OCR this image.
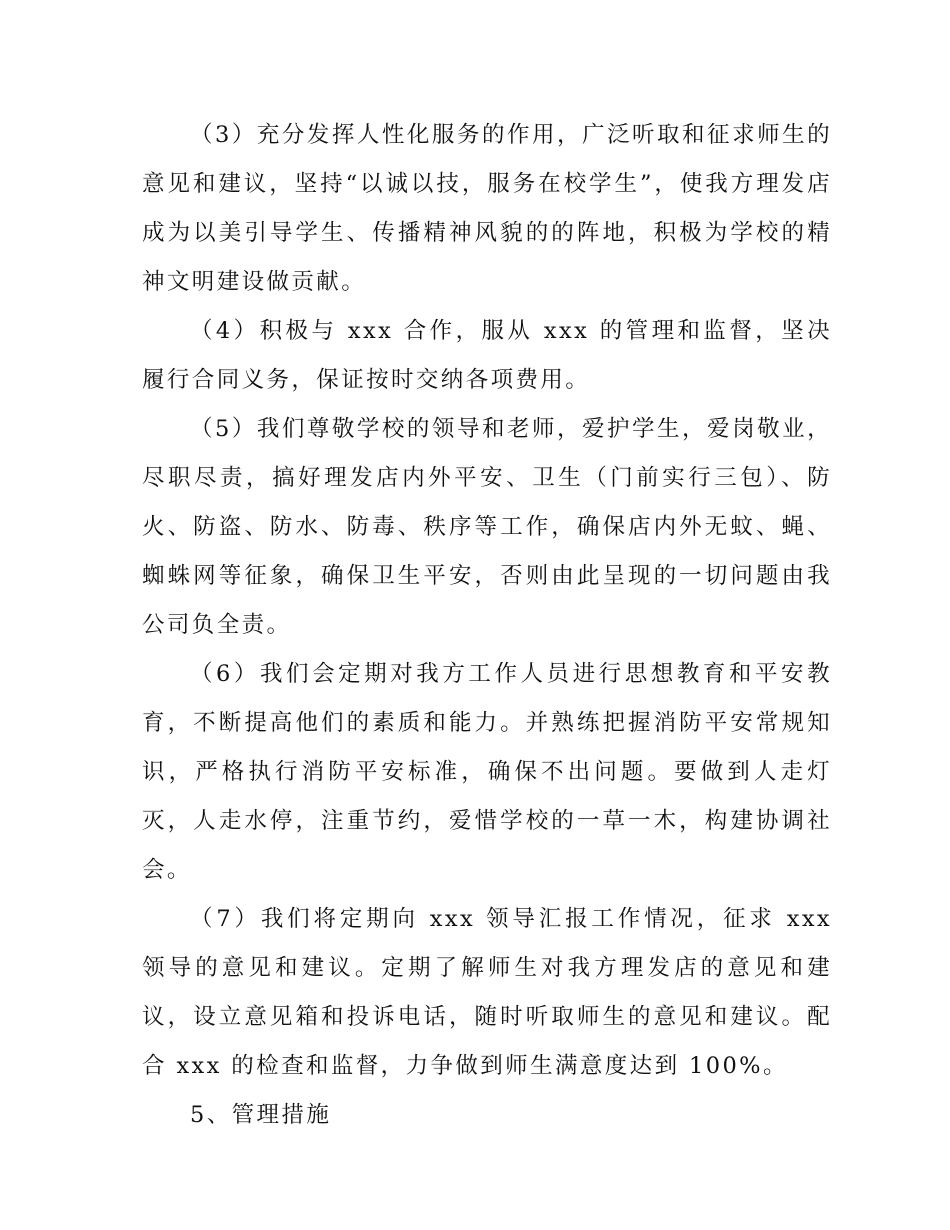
（3）充分发挥人性化服务的作用，广泛听取和征求师生的意见和建议，坚持“以诚以技，服务在校学生”，使我方理发店成为以美引导学生、传播精神风貌的的阵地，积极为学校的精神文明建设做贡献。

（4）积极与 xxx 合作，服从 xxx 的管理和监督，坚决履行合同义务，保证按时交纳各项费用。

（5）我们尊敬学校的领导和老师，爱护学生，爱岗敬业，尽职尽责，搞好理发店内外平安、卫生（门前实行三包）、防火、防盗、防水、防毒、秩序等工作，确保店内外无蚊、蝇、蜘蛛网等征象，确保卫生平安，否则由此呈现的一切问题由我公司负全责。

（6）我们会定期对我方工作人员进行思想教育和平安教育，不断提高他们的素质和能力。并熟练把握消防平安常规知识，严格执行消防平安标准，确保不出问题。要做到人走灯灭，人走水停，注重节约，爱惜学校的一草一木，构建协调社会。

（7）我们将定期向 xxx 领导汇报工作情况，征求 xxx 领导的意见和建议。定期了解师生对我方理发店的意见和建议，设立意见箱和投诉电话，随时听取师生的意见和建议。配合 xxx 的检查和监督，力争做到师生满意度达到 100%。

5、管理措施
